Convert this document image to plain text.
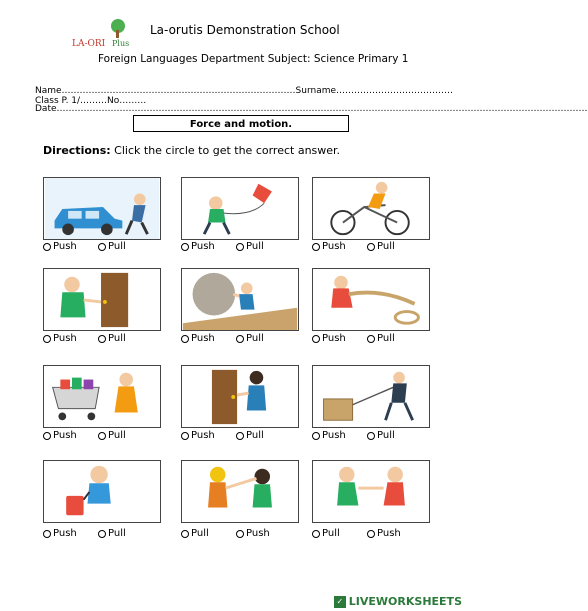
LA-ORI Plus
La-orutis Demonstration School
Foreign Languages Department Subject: Science Primary 1
Name……………………………………………………………………Surname…………………………………Class P. 1/………No………
Date……………………………………………………………………………………………………………………………………………………………
Force and motion.
Directions: Click the circle to get the correct answer.
Push	Pull	Push	Pull	Push	Pull
Push	Pull	Push	Pull	Push	Pull
Push	Pull	Push	Pull	Push	Pull
Push	Pull	Pull	Push	Pull	Push
✓ LIVEWORKSHEETS
